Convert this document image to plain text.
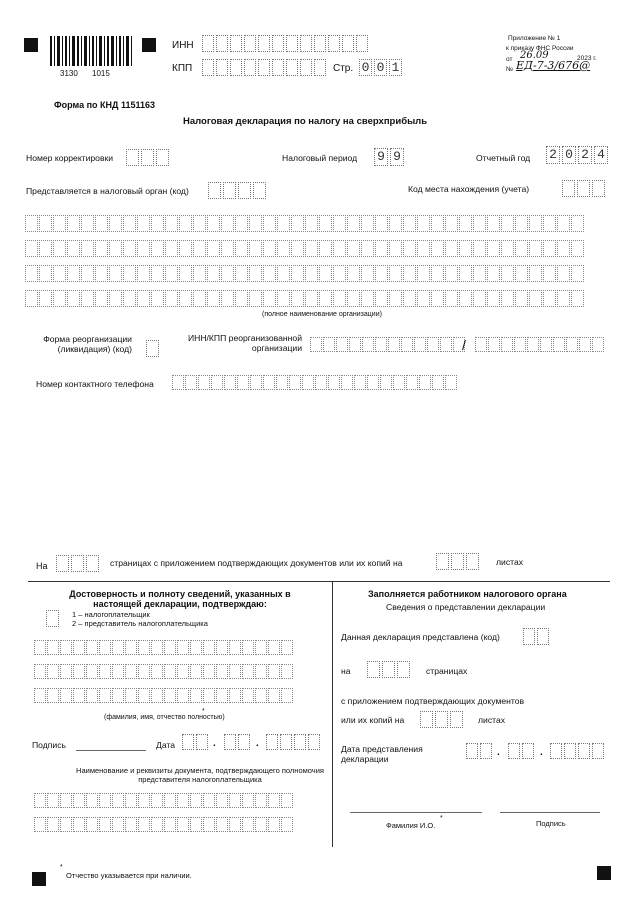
3130 1015
ИНН
КПП	Стр. 0 0 1
Приложение № 1
к приказу ФНС России
от 26.09	2023 г.
№ ЕД-7-3/676@
Форма по КНД 1151163
Налоговая декларация по налогу на сверхприбыль
Номер корректировки	Налоговый период 9 9	Отчетный год 2 0 2 4
Представляется в налоговый орган (код)	Код места нахождения (учета)
(полное наименование организации)
Форма реорганизации (ликвидация) (код)
ИНН/КПП реорганизованной организации	/
Номер контактного телефона
На	страницах с приложением подтверждающих документов или их копий на	листах
Достоверность и полноту сведений, указанных в настоящей декларации, подтверждаю:
1 – налогоплательщик
2 – представитель налогоплательщика
(фамилия, имя, отчество полностью)
*
Подпись	Дата	.	.
Наименование и реквизиты документа, подтверждающего полномочия представителя налогоплательщика
Заполняется работником налогового органа
Сведения о представлении декларации
Данная декларация представлена (код)
на	страницах
с приложением подтверждающих документов
или их копий на	листах
Дата представления декларации
.	.
Фамилия И.О.
*
Подпись
*
Отчество указывается при наличии.
